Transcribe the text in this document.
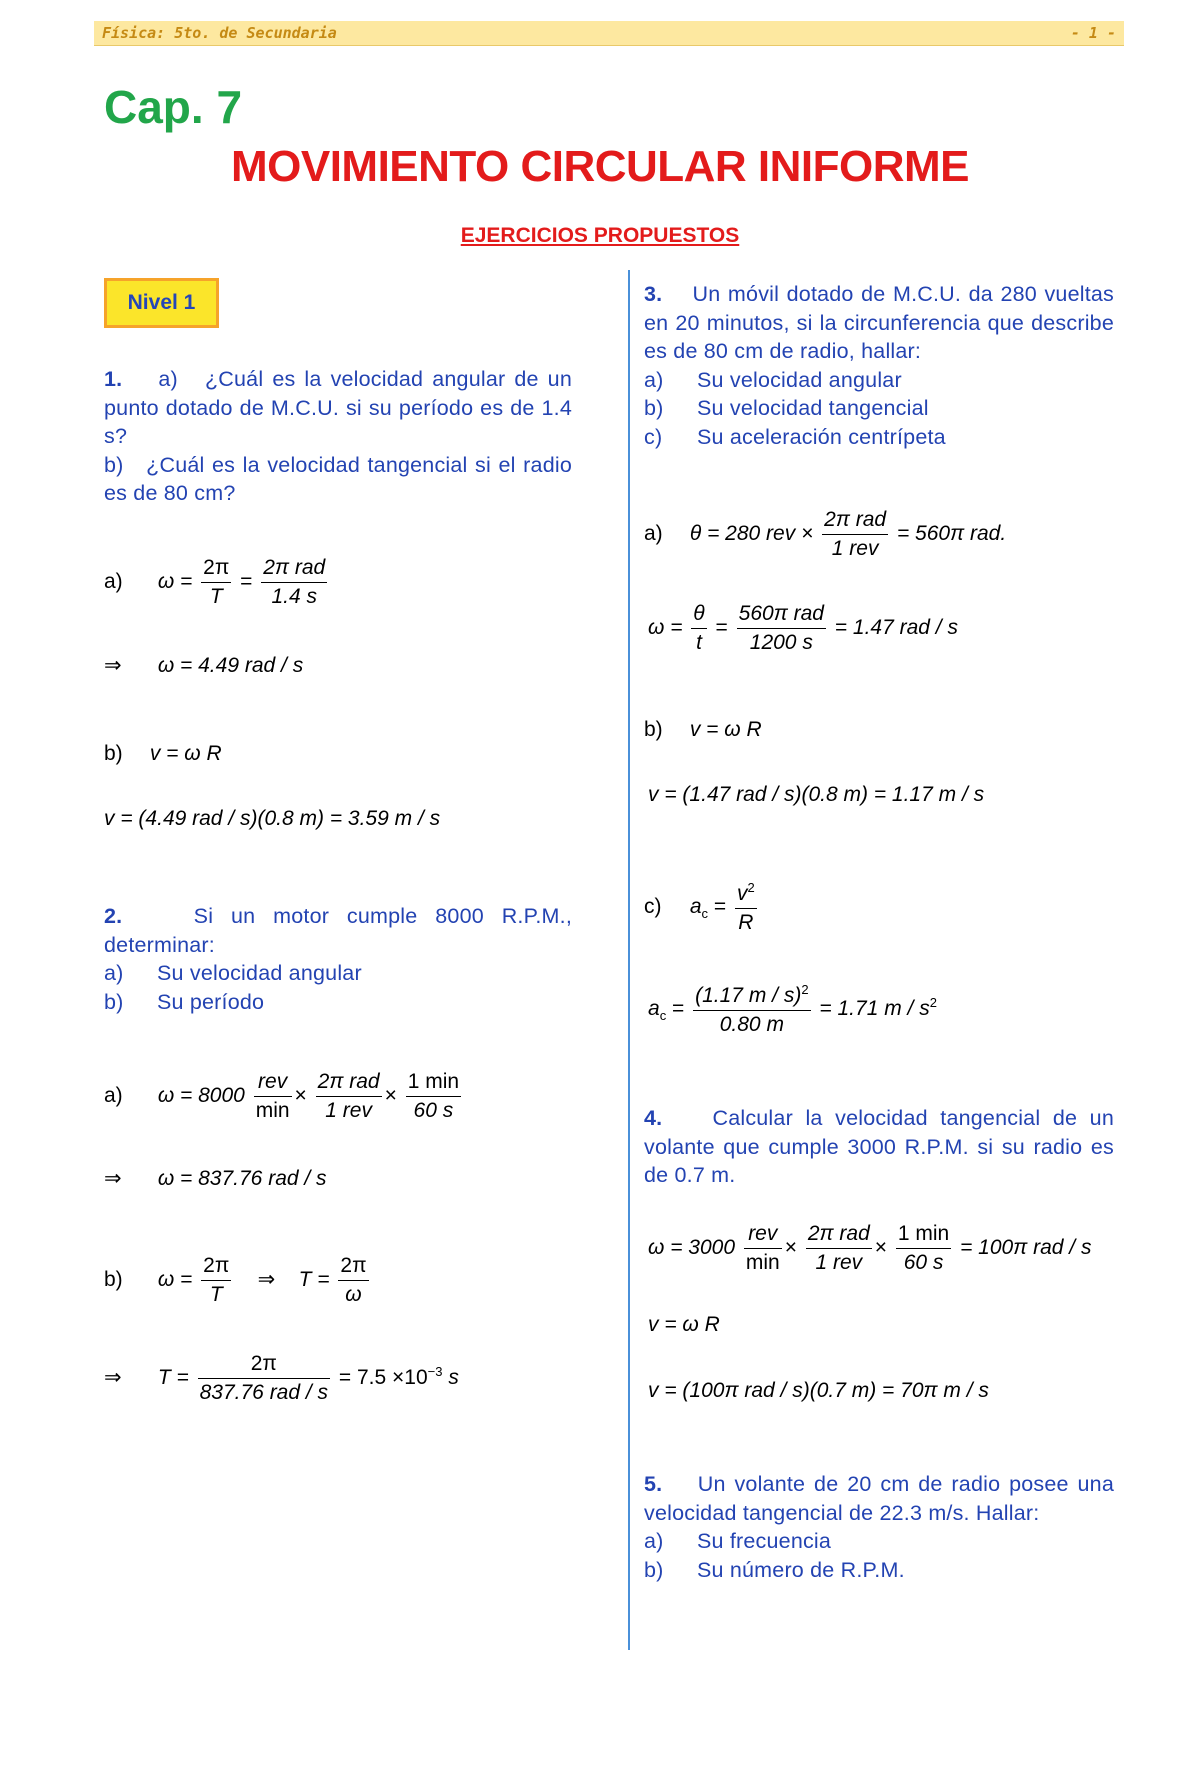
Física: 5to. de Secundaria	- 1 -
Cap. 7
MOVIMIENTO CIRCULAR INIFORME
EJERCICIOS PROPUESTOS
Nivel 1
1. a) ¿Cuál es la velocidad angular de un punto dotado de M.C.U. si su período es de 1.4 s?
b) ¿Cuál es la velocidad tangencial si el radio es de 80 cm?
a) $\omega = \frac{2\pi}{T} = \frac{\text{2π rad}}{1.4 s}$
⇒ ω = 4.49 rad / s
b) v = ω R
v = (4.49 rad / s)(0.8 m) = 3.59 m / s
2.	Si un motor cumple 8000 R.P.M., determinar:
a)	Su velocidad angular
b)	Su período
a) $\omega = 8000 \frac{\text{rev}}{\min} \times \frac{\text{2π rad}}{\text{1 rev}} \times \frac{1 \min}{60 s}$
⇒ ω = 837.76 rad / s
b) $\omega = \frac{2\pi}{T}$ ⇒ $T = \frac{2\pi}{\omega}$
⇒ $T = \frac{2\pi}{\text{837.76 rad / s}} = 7.5 \times 10^{-3}$ s
3. Un móvil dotado de M.C.U. da 280 vueltas en 20 minutos, si la circunferencia que describe es de 80 cm de radio, hallar:
a)	Su velocidad angular
b)	Su velocidad tangencial
c)	Su aceleración centrípeta
a) θ = 280 rev × $\frac{\text{2π rad}}{\text{1 rev}} = 560\pi$ rad.
$\omega = \frac{\theta}{t} = \frac{\text{560π rad}}{1200 s} = 1.47$ rad / s
b) v = ω R
v = (1.47 rad / s)(0.8 m) = 1.17 m / s
c) $a_c = \frac{v^2}{R}$
$a_c = \frac{(1.17 m / s)^2}{0.80 m} = 1.71$ m / $s^2$
4. Calcular la velocidad tangencial de un volante que cumple 3000 R.P.M. si su radio es de 0.7 m.
$\omega = 3000 \frac{\text{rev}}{\min} \times \frac{\text{2π rad}}{\text{1 rev}} \times \frac{1 \min}{60 s} = 100\pi$ rad / s
v = ω R
v = (100π rad / s)(0.7 m) = 70π m / s
5. Un volante de 20 cm de radio posee una velocidad tangencial de 22.3 m/s. Hallar:
a)	Su frecuencia
b)	Su número de R.P.M.
